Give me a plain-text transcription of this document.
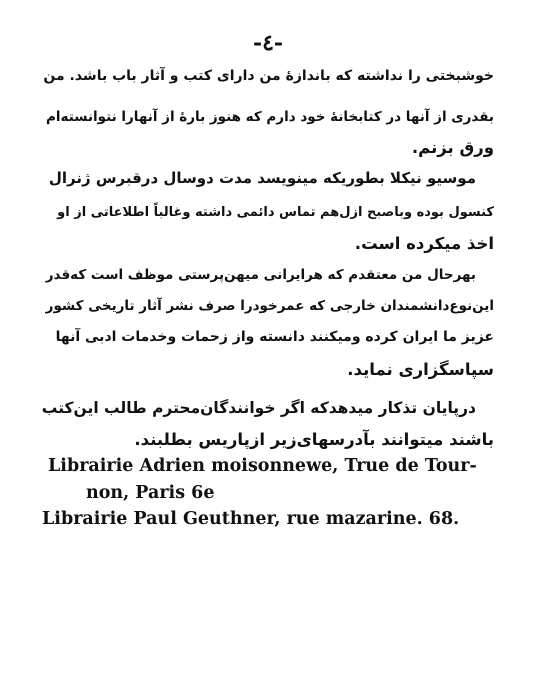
-٤-
خوشبختی را نداشته که باندازهٔ من دارای کتب و آثار باب باشد. من
بقدری از آنها در کتابخانهٔ خود دارم که هنوز بارهٔ از آنهارا نتوانسته‌ام
ورق بزنم.
موسیو نیکلا بطوریکه مینویسد مدت دوسال درقبرس ژنرال
کنسول بوده وباصبح ازل‌هم تماس دائمی داشته وغالباً اطلاعاتی از او
اخذ میکرده است.
بهرحال من معتقدم که هرایرانی میهن‌پرستی موظف است که‌قدر
این‌نوع‌دانشمندان خارجی که عمرخودرا صرف نشر آثار تاریخی کشور
عزیز ما ایران کرده ومیکنند دانسته واز زحمات وخدمات ادبی آنها
سپاسگزاری نماید.
درپایان تذکار میدهدکه اگر خوانندگان‌محترم طالب این‌کتب
باشند میتوانند بآدرسهای‌زیر ازپاریس بطلبند.
Librairie Adrien moisonnewe, True de Tour-
non, Paris 6e
Librairie Paul Geuthner, rue mazarine. 68.
